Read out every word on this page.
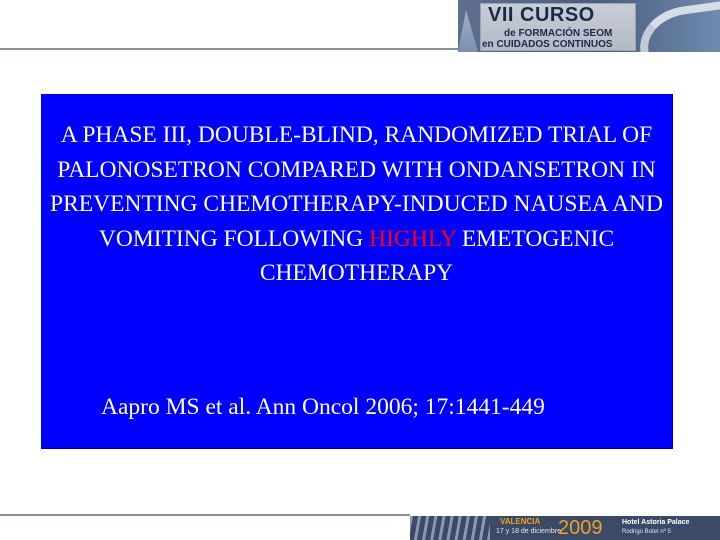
VII CURSO
de FORMACIÓN SEOM
en CUIDADOS CONTINUOS
A PHASE III, DOUBLE-BLIND, RANDOMIZED TRIAL OF PALONOSETRON COMPARED WITH ONDANSETRON IN PREVENTING CHEMOTHERAPY-INDUCED NAUSEA AND VOMITING FOLLOWING HIGHLY EMETOGENIC CHEMOTHERAPY
Aapro MS et al. Ann Oncol 2006; 17:1441-449
VALENCIA
17 y 18 de diciembre
2009	Hotel Astoria Palace
Rodrigo Botet nº 5
